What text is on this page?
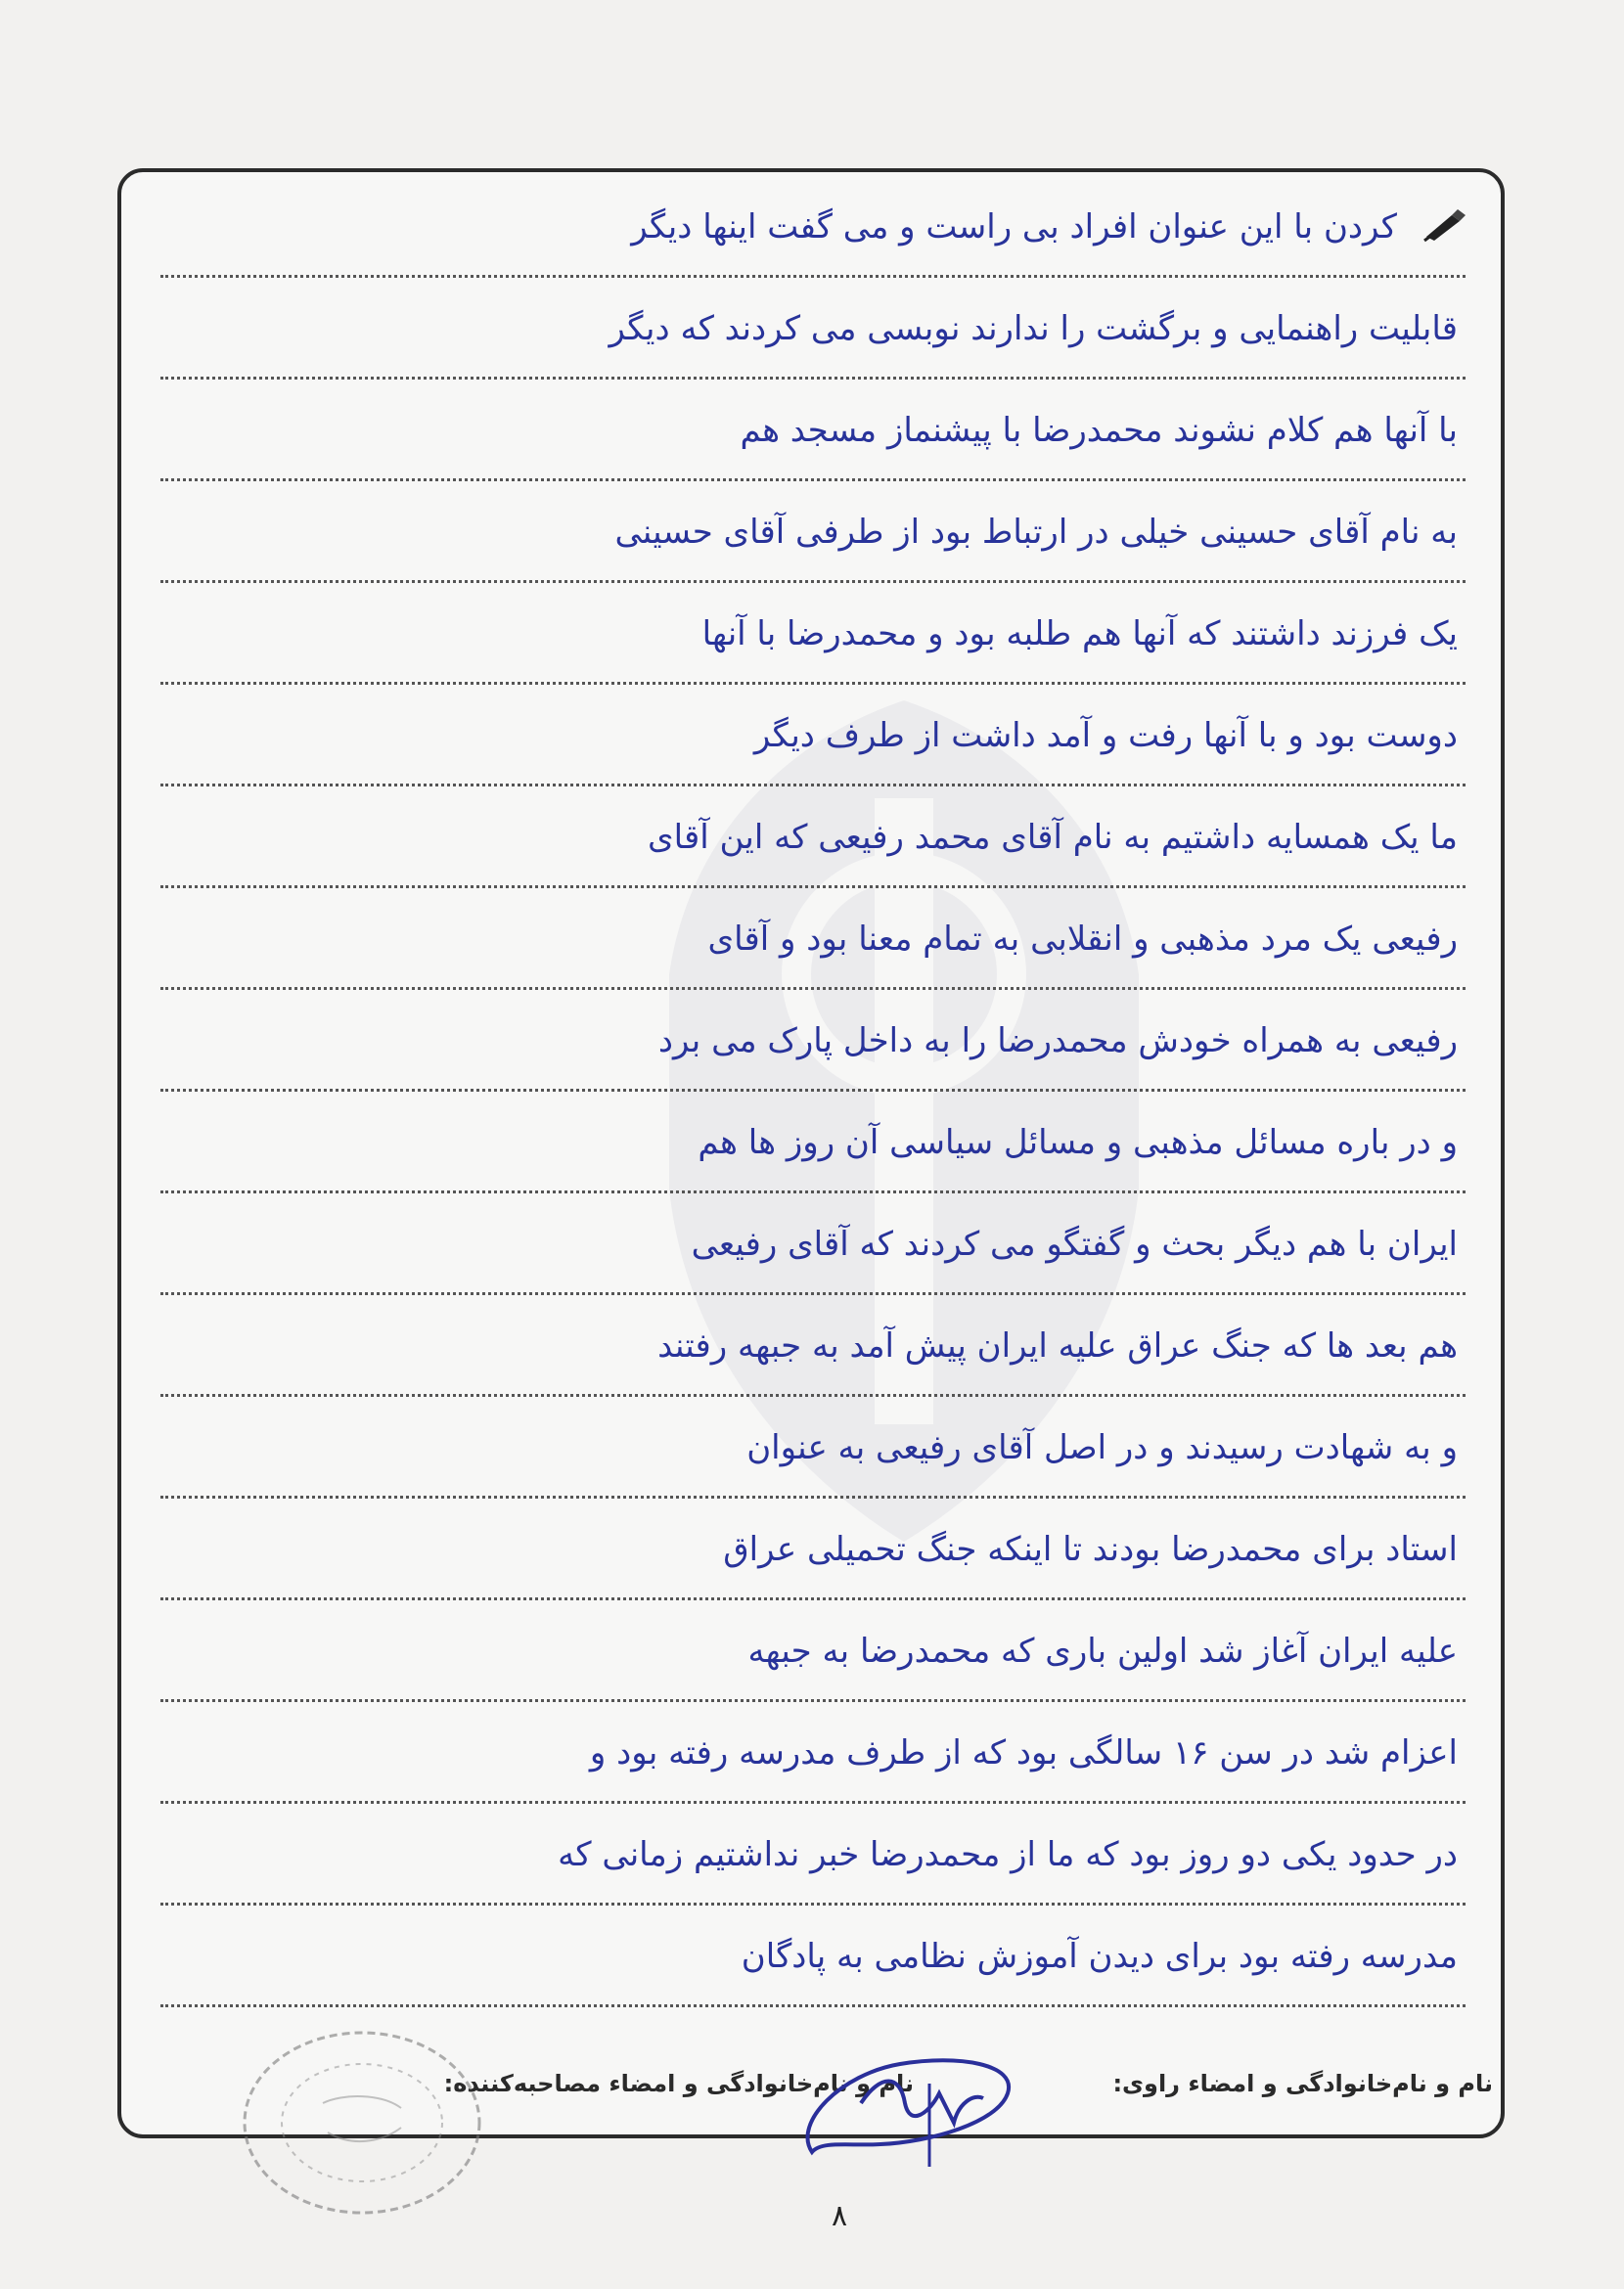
کردن با این عنوان افراد بی راست و می گفت اینها دیگر
قابلیت راهنمایی و برگشت را ندارند نوبسی می کردند که دیگر
با آنها هم کلام نشوند محمدرضا با پیشنماز مسجد هم
به نام آقای حسینی خیلی در ارتباط بود از طرفی آقای حسینی
یک فرزند داشتند که آنها هم طلبه بود و محمدرضا با آنها
دوست بود و با آنها رفت و آمد داشت از طرف دیگر
ما یک همسایه داشتیم به نام آقای محمد رفیعی که این آقای
رفیعی یک مرد مذهبی و انقلابی به تمام معنا بود و آقای
رفیعی به همراه خودش محمدرضا را به داخل پارک می برد
و در باره مسائل مذهبی و مسائل سیاسی آن روز ها هم
ایران با هم دیگر بحث و گفتگو می کردند که آقای رفیعی
هم بعد ها که جنگ عراق علیه ایران پیش آمد به جبهه رفتند
و به شهادت رسیدند و در اصل آقای رفیعی به عنوان
استاد برای محمدرضا بودند تا اینکه جنگ تحمیلی عراق
علیه ایران آغاز شد اولین باری که محمدرضا به جبهه
اعزام شد در سن ۱۶ سالگی بود که از طرف مدرسه رفته بود و
در حدود یکی دو روز بود که ما از محمدرضا خبر نداشتیم زمانی که
مدرسه رفته بود برای دیدن آموزش نظامی به پادگان
نام و نام‌خانوادگی و امضاء راوی:
نام و نام‌خانوادگی و امضاء مصاحبه‌کننده:
۸
